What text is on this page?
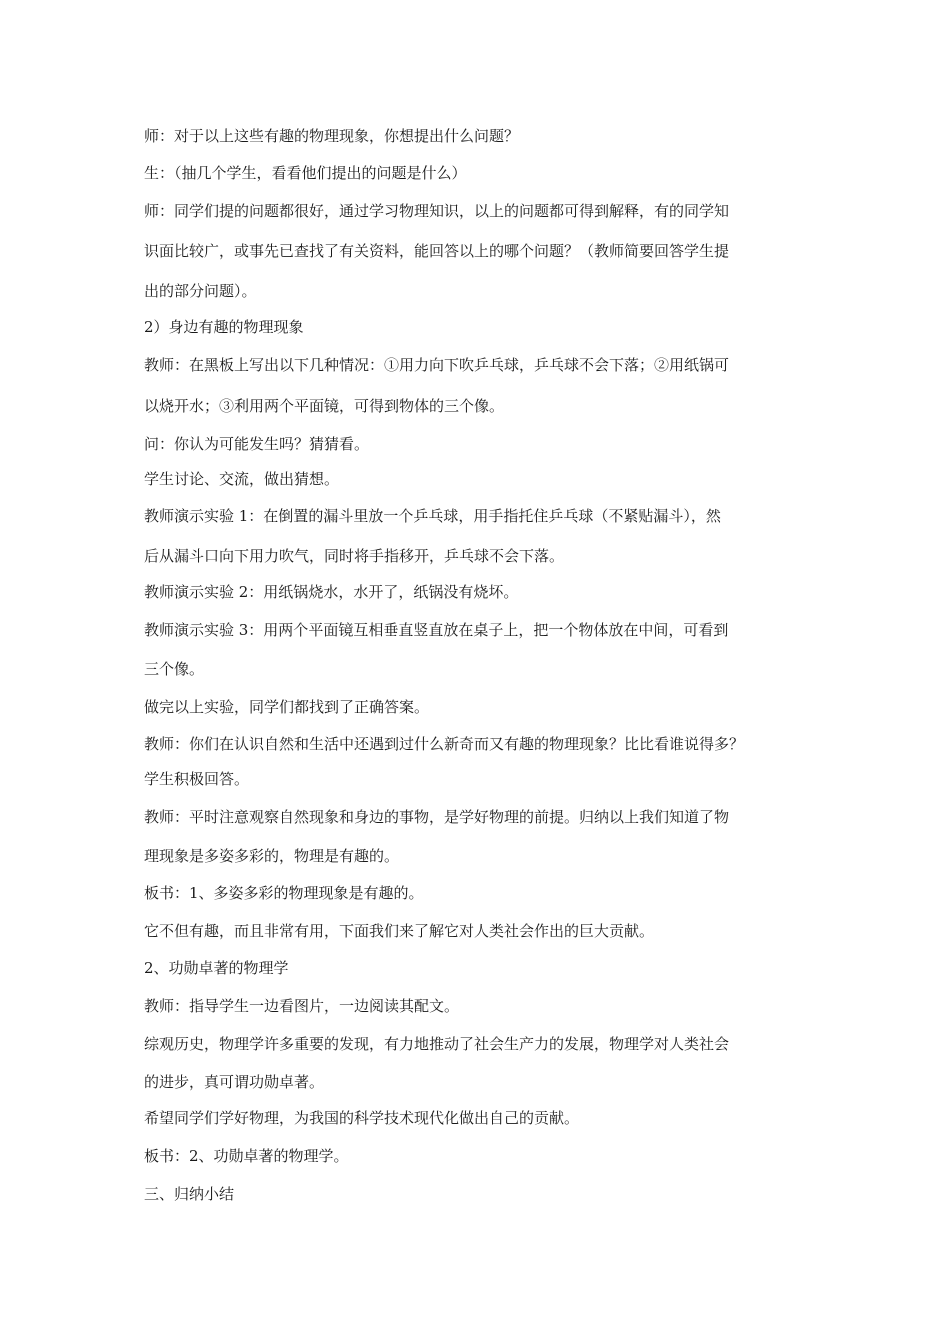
师：对于以上这些有趣的物理现象，你想提出什么问题？

生：（抽几个学生，看看他们提出的问题是什么）

师：同学们提的问题都很好，通过学习物理知识，以上的问题都可得到解释，有的同学知

识面比较广，或事先已查找了有关资料，能回答以上的哪个问题？（教师简要回答学生提

出的部分问题）。

2）身边有趣的物理现象

教师：在黑板上写出以下几种情况：①用力向下吹乒乓球，乒乓球不会下落；②用纸锅可

以烧开水；③利用两个平面镜，可得到物体的三个像。

问：你认为可能发生吗？猜猜看。

学生讨论、交流，做出猜想。

教师演示实验 1：在倒置的漏斗里放一个乒乓球，用手指托住乒乓球（不紧贴漏斗），然

后从漏斗口向下用力吹气，同时将手指移开，乒乓球不会下落。

教师演示实验 2：用纸锅烧水，水开了，纸锅没有烧坏。

教师演示实验 3：用两个平面镜互相垂直竖直放在桌子上，把一个物体放在中间，可看到

三个像。

做完以上实验，同学们都找到了正确答案。

教师：你们在认识自然和生活中还遇到过什么新奇而又有趣的物理现象？比比看谁说得多？

学生积极回答。

教师：平时注意观察自然现象和身边的事物，是学好物理的前提。归纳以上我们知道了物

理现象是多姿多彩的，物理是有趣的。

板书：1、多姿多彩的物理现象是有趣的。

它不但有趣，而且非常有用，下面我们来了解它对人类社会作出的巨大贡献。

2、功勋卓著的物理学

教师：指导学生一边看图片，一边阅读其配文。

综观历史，物理学许多重要的发现，有力地推动了社会生产力的发展，物理学对人类社会

的进步，真可谓功勋卓著。

希望同学们学好物理，为我国的科学技术现代化做出自己的贡献。

板书：2、功勋卓著的物理学。

三、归纳小结
